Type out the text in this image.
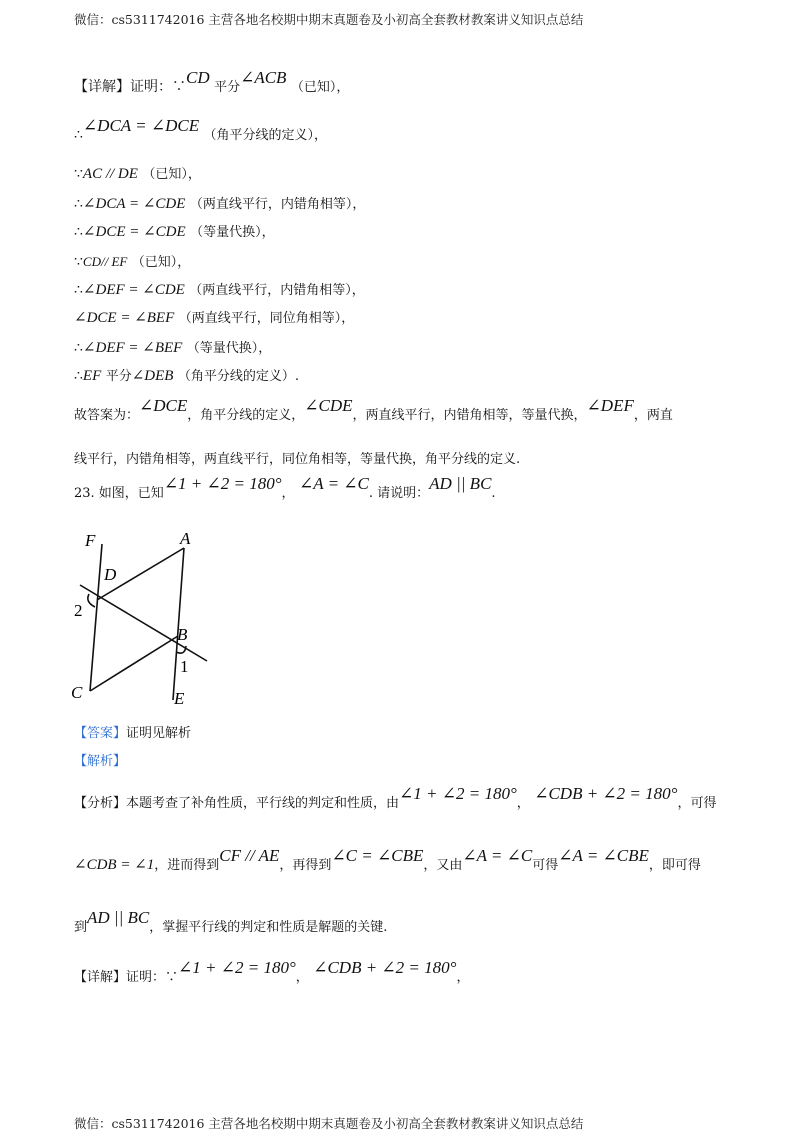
微信：cs5311742016 主营各地名校期中期末真题卷及小初高全套教材教案讲义知识点总结
【详解】证明：∵CD 平分∠ACB （已知），
∴∠DCA = ∠DCE （角平分线的定义），
∵AC // DE （已知），
∴∠DCA = ∠CDE （两直线平行，内错角相等），
∴∠DCE = ∠CDE （等量代换），
∵CD// EF （已知），
∴∠DEF = ∠CDE （两直线平行，内错角相等），
∠DCE = ∠BEF （两直线平行，同位角相等），
∴∠DEF = ∠BEF （等量代换），
∴EF 平分∠DEB （角平分线的定义）.
故答案为：∠DCE，角平分线的定义，∠CDE，两直线平行，内错角相等，等量代换，∠DEF，两直
线平行，内错角相等，两直线平行，同位角相等，等量代换，角平分线的定义.
23. 如图，已知∠1 + ∠2 = 180°， ∠A = ∠C. 请说明：AD || BC.
F	A
D
2
B
1
C	E
【答案】证明见解析
【解析】
【分析】本题考查了补角性质，平行线的判定和性质，由∠1 + ∠2 = 180°， ∠CDB + ∠2 = 180°，可得
∠CDB = ∠1，进而得到CF // AE，再得到∠C = ∠CBE，又由∠A = ∠C可得∠A = ∠CBE，即可得
到AD || BC，掌握平行线的判定和性质是解题的关键.
【详解】证明：∵∠1 + ∠2 = 180°， ∠CDB + ∠2 = 180°，
微信：cs5311742016 主营各地名校期中期末真题卷及小初高全套教材教案讲义知识点总结
